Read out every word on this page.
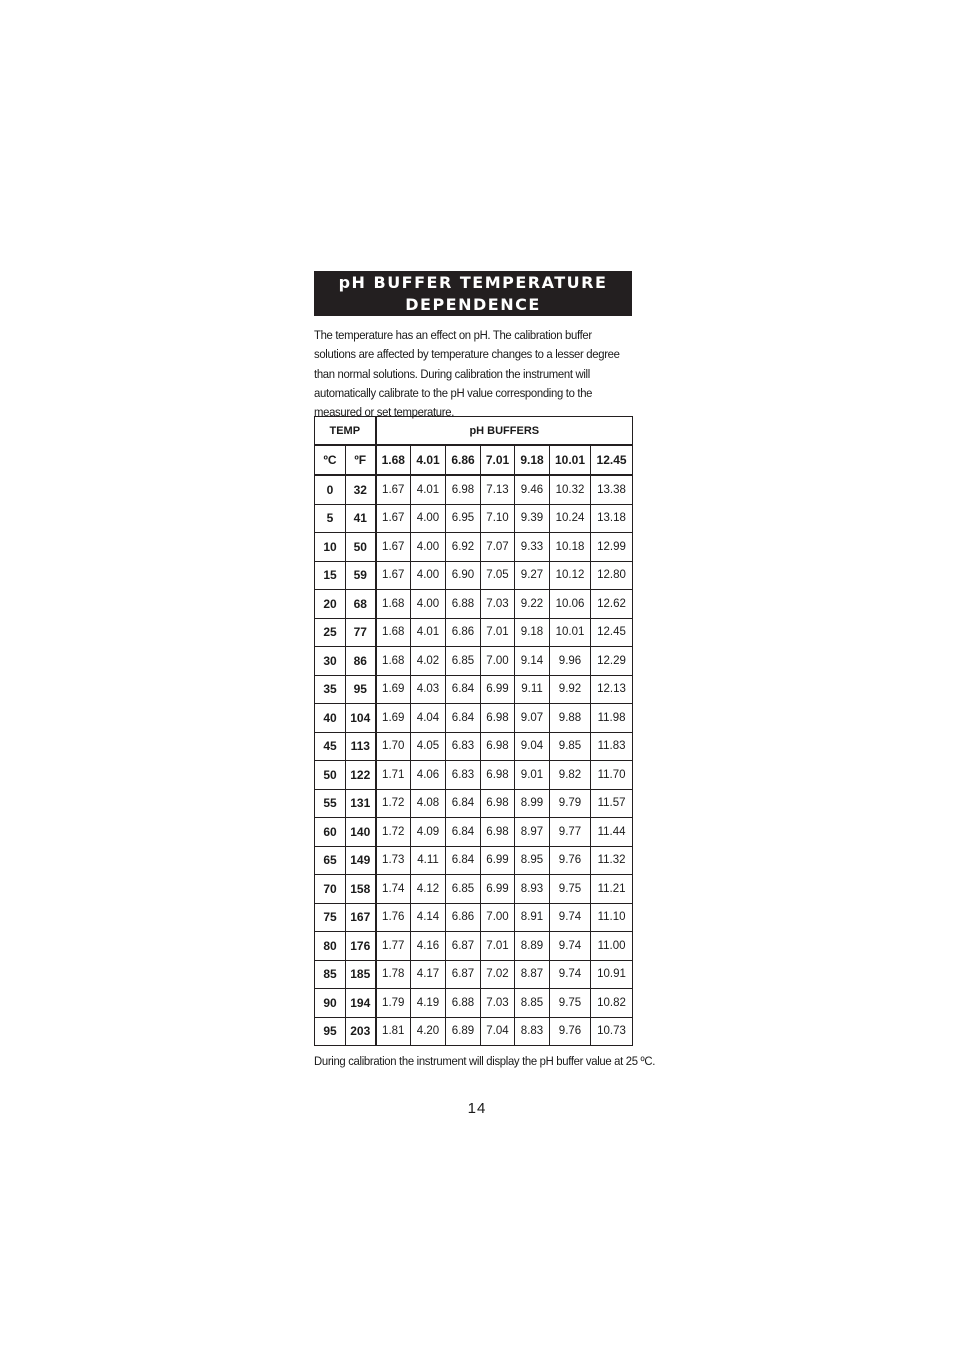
pH BUFFER TEMPERATURE
DEPENDENCE

The temperature has an effect on pH. The calibration buffer solutions are affected by temperature changes to a lesser degree than normal solutions. During calibration the instrument will automatically calibrate to the pH value corresponding to the measured or set temperature.

TEMP		pH BUFFERS						
ºC	ºF	1.68	4.01	6.86	7.01	9.18	10.01	12.45
0	32	1.67	4.01	6.98	7.13	9.46	10.32	13.38
5	41	1.67	4.00	6.95	7.10	9.39	10.24	13.18
10	50	1.67	4.00	6.92	7.07	9.33	10.18	12.99
15	59	1.67	4.00	6.90	7.05	9.27	10.12	12.80
20	68	1.68	4.00	6.88	7.03	9.22	10.06	12.62
25	77	1.68	4.01	6.86	7.01	9.18	10.01	12.45
30	86	1.68	4.02	6.85	7.00	9.14	9.96	12.29
35	95	1.69	4.03	6.84	6.99	9.11	9.92	12.13
40	104	1.69	4.04	6.84	6.98	9.07	9.88	11.98
45	113	1.70	4.05	6.83	6.98	9.04	9.85	11.83
50	122	1.71	4.06	6.83	6.98	9.01	9.82	11.70
55	131	1.72	4.08	6.84	6.98	8.99	9.79	11.57
60	140	1.72	4.09	6.84	6.98	8.97	9.77	11.44
65	149	1.73	4.11	6.84	6.99	8.95	9.76	11.32
70	158	1.74	4.12	6.85	6.99	8.93	9.75	11.21
75	167	1.76	4.14	6.86	7.00	8.91	9.74	11.10
80	176	1.77	4.16	6.87	7.01	8.89	9.74	11.00
85	185	1.78	4.17	6.87	7.02	8.87	9.74	10.91
90	194	1.79	4.19	6.88	7.03	8.85	9.75	10.82
95	203	1.81	4.20	6.89	7.04	8.83	9.76	10.73

During calibration the instrument will display the pH buffer value at 25 ºC.

14
